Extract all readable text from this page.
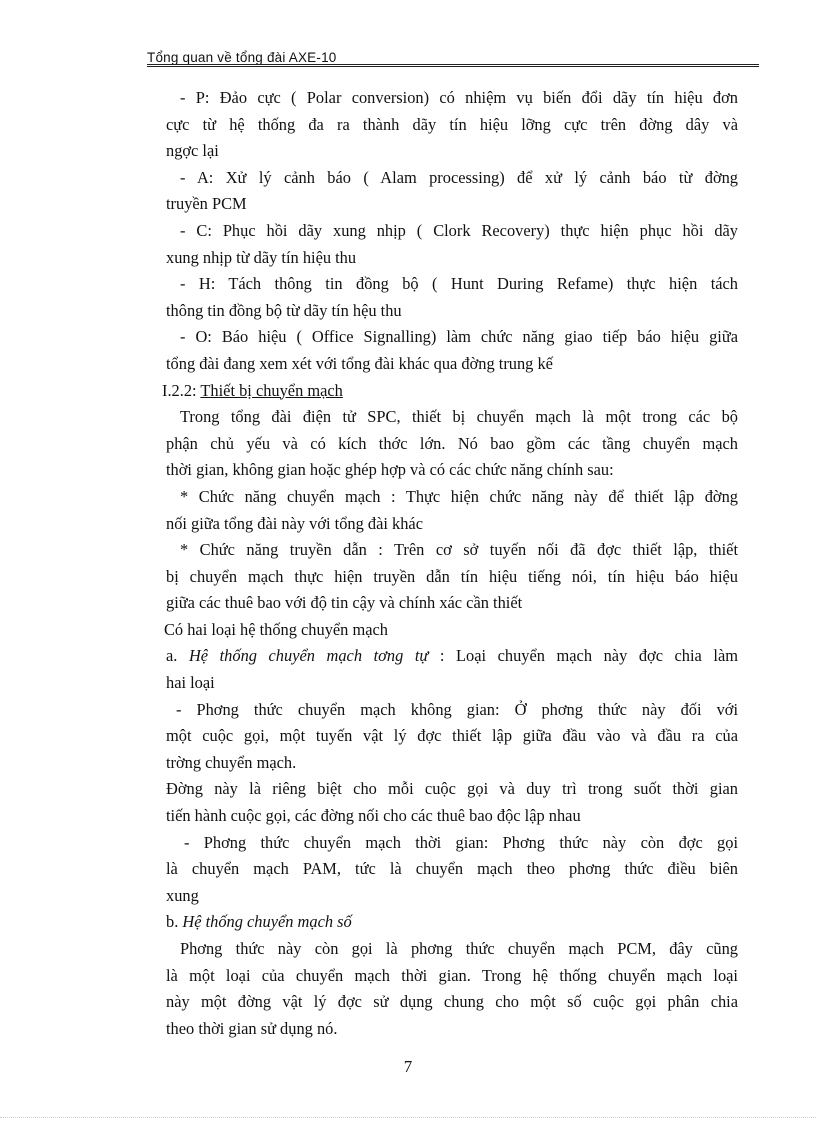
Tổng quan về tổng đài AXE-10
- P: Đảo cực ( Polar conversion) có nhiệm vụ biến đổi dãy tín hiệu đơn
cực từ hệ thống đa ra thành dãy tín hiệu lỡng cực trên đờng dây và
ngợc lại
- A: Xử lý cảnh báo ( Alam processing) để xử lý cảnh báo từ đờng
truyền PCM
- C: Phục hồi dãy xung nhịp ( Clork Recovery) thực hiện phục hồi dãy
xung nhịp từ dãy tín hiệu thu
- H: Tách thông tin đồng bộ ( Hunt During Refame) thực hiện tách
thông tin đồng bộ từ dãy tín hệu thu
- O: Báo hiệu ( Office Signalling) làm chức năng giao tiếp báo hiệu giữa
tổng đài đang xem xét với tổng đài khác qua đờng trung kế
I.2.2: Thiết bị chuyển mạch
Trong tổng đài điện tử SPC, thiết bị chuyển mạch là một trong các bộ
phận chủ yếu và có kích thớc lớn. Nó bao gồm các tầng chuyển mạch
thời gian, không gian hoặc ghép hợp và có các chức năng chính sau:
* Chức năng chuyển mạch : Thực hiện chức năng này để thiết lập đờng
nối giữa tổng đài này với tổng đài khác
* Chức năng truyền dẫn : Trên cơ sở tuyến nối đã đợc thiết lập, thiết
bị chuyển mạch thực hiện truyền dẫn tín hiệu tiếng nói, tín hiệu báo hiệu
giữa các thuê bao với độ tin cậy và chính xác cần thiết
Có hai loại hệ thống chuyển mạch
a. Hệ thống chuyển mạch tơng tự : Loại chuyển mạch này đợc chia làm
hai loại
- Phơng thức chuyển mạch không gian: Ở phơng thức này đối với
một cuộc gọi, một tuyến vật lý đợc thiết lập giữa đầu vào và đầu ra của
trờng chuyển mạch.
Đờng này là riêng biệt cho mỗi cuộc gọi và duy trì trong suốt thời gian
tiến hành cuộc gọi, các đờng nối cho các thuê bao độc lập nhau
- Phơng thức chuyển mạch thời gian: Phơng thức này còn đợc gọi
là chuyển mạch PAM, tức là chuyển mạch theo phơng thức điều biên
xung
b. Hệ thống chuyển mạch số
Phơng thức này còn gọi là phơng thức chuyển mạch PCM, đây cũng
là một loại của chuyển mạch thời gian. Trong hệ thống chuyển mạch loại
này một đờng vật lý đợc sử dụng chung cho một số cuộc gọi phân chia
theo thời gian sử dụng nó.
7
